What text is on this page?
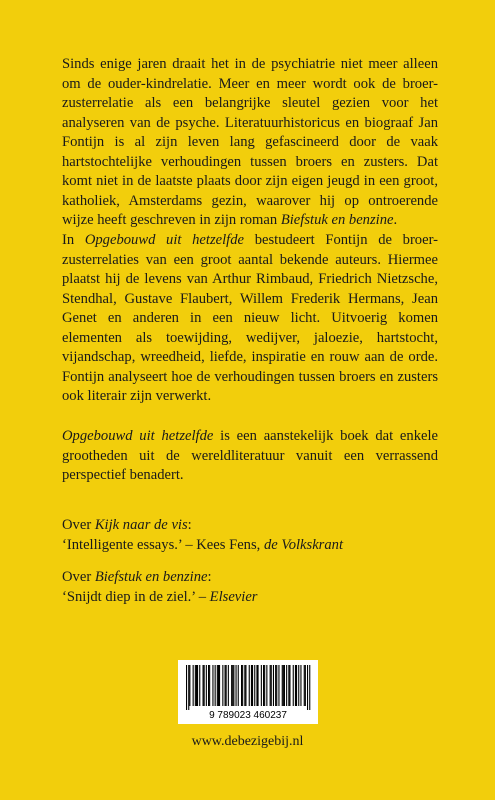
Sinds enige jaren draait het in de psychiatrie niet meer alleen om de ouder-kindrelatie. Meer en meer wordt ook de broer-zusterrelatie als een belangrijke sleutel gezien voor het analyseren van de psyche. Literatuurhistoricus en biograaf Jan Fontijn is al zijn leven lang gefascineerd door de vaak hartstochtelijke verhoudingen tussen broers en zusters. Dat komt niet in de laatste plaats door zijn eigen jeugd in een groot, katholiek, Amsterdams gezin, waarover hij op ontroerende wijze heeft geschreven in zijn roman Biefstuk en benzine.

In Opgebouwd uit hetzelfde bestudeert Fontijn de broer-zusterrelaties van een groot aantal bekende auteurs. Hiermee plaatst hij de levens van Arthur Rimbaud, Friedrich Nietzsche, Stendhal, Gustave Flaubert, Willem Frederik Hermans, Jean Genet en anderen in een nieuw licht. Uitvoerig komen elementen als toewijding, wedijver, jaloezie, hartstocht, vijandschap, wreedheid, liefde, inspiratie en rouw aan de orde. Fontijn analyseert hoe de verhoudingen tussen broers en zusters ook literair zijn verwerkt.

Opgebouwd uit hetzelfde is een aanstekelijk boek dat enkele grootheden uit de wereldliteratuur vanuit een verrassend perspectief benadert.

Over Kijk naar de vis:

‘Intelligente essays.’ – Kees Fens, de Volkskrant

Over Biefstuk en benzine:

‘Snijdt diep in de ziel.’ – Elsevier

9 789023 460237
www.debezigebij.nl
